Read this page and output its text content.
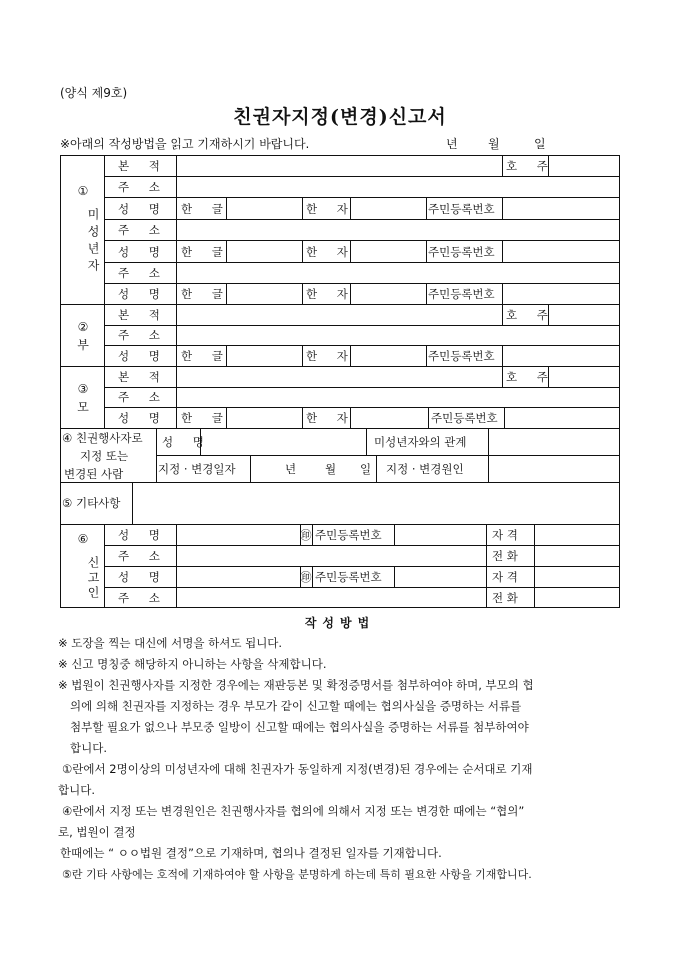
(양식 제9호)
친권자지정(변경)신고서
※아래의 작성방법을 읽고 기재하시기 바랍니다.	년	월	일
①
미성년자
본 적	호 주
주 소
성 명 한 글	한 자	주민등록번호
주 소
성 명 한 글	한 자	주민등록번호
주 소
성 명 한 글	한 자	주민등록번호
②
부
본 적	호 주
주 소
성 명 한 글	한 자	주민등록번호
③
모
본 적	호 주
주 소
성 명 한 글	한 자	주민등록번호
④ 친권행사자로
지정 또는
변경된 사람
성 명	미성년자와의 관계
지정 · 변경일자	년	월 일 지정 · 변경원인
⑤ 기타사항
⑥
신고인
성 명	㊞ 주민등록번호	자 격
주 소	전 화
성 명	㊞ 주민등록번호	자 격
주 소	전 화
작성방법
※ 도장을 찍는 대신에 서명을 하셔도 됩니다.
※ 신고 명칭중 해당하지 아니하는 사항을 삭제합니다.
※ 법원이 친권행사자를 지정한 경우에는 재판등본 및 확정증명서를 첨부하여야 하며, 부모의 협
의에 의해 친권자를 지정하는 경우 부모가 같이 신고할 때에는 협의사실을 증명하는 서류를
첨부할 필요가 없으나 부모중 일방이 신고할 때에는 협의사실을 증명하는 서류를 첨부하여야
합니다.
①란에서 2명이상의 미성년자에 대해 친권자가 동일하게 지정(변경)된 경우에는 순서대로 기재
합니다.
④란에서 지정 또는 변경원인은 친권행사자를 협의에 의해서 지정 또는 변경한 때에는 “협의”
로, 법원이 결정
한때에는 “ ㅇㅇ법원 결정”으로 기재하며, 협의나 결정된 일자를 기재합니다.
⑤란 기타 사항에는 호적에 기재하여야 할 사항을 분명하게 하는데 특히 필요한 사항을 기재합니다.
